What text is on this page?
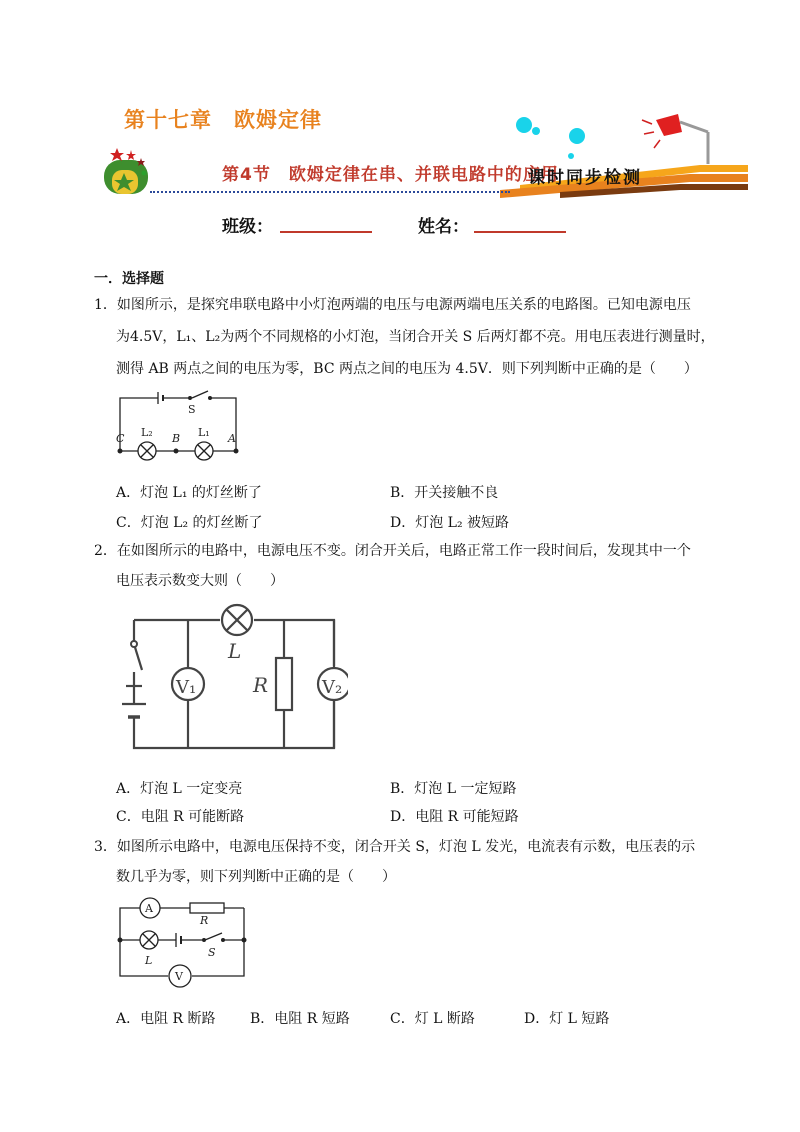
第十七章　欧姆定律
第4节　欧姆定律在串、并联电路中的应用
课时同步检测
班级：	姓名：
一．选择题
1．如图所示，是探究串联电路中小灯泡两端的电压与电源两端电压关系的电路图。已知电源电压
为4.5V，L₁、L₂为两个不同规格的小灯泡，当闭合开关 S 后两灯都不亮。用电压表进行测量时，
测得 AB 两点之间的电压为零，BC 两点之间的电压为 4.5V．则下列判断中正确的是（　　）
S
C L₂ B L₁ A
A．灯泡 L₁ 的灯丝断了	B．开关接触不良
C．灯泡 L₂ 的灯丝断了	D．灯泡 L₂ 被短路
2．在如图所示的电路中，电源电压不变。闭合开关后，电路正常工作一段时间后，发现其中一个
电压表示数变大则（　　）
L
V₁	R	V₂
A．灯泡 L 一定变亮	B．灯泡 L 一定短路
C．电阻 R 可能断路	D．电阻 R 可能短路
3．如图所示电路中，电源电压保持不变，闭合开关 S，灯泡 L 发光，电流表有示数，电压表的示
数几乎为零，则下列判断中正确的是（　　）
A
R
L
S
V
A．电阻 R 断路 B．电阻 R 短路	C．灯 L 断路	D．灯 L 短路
